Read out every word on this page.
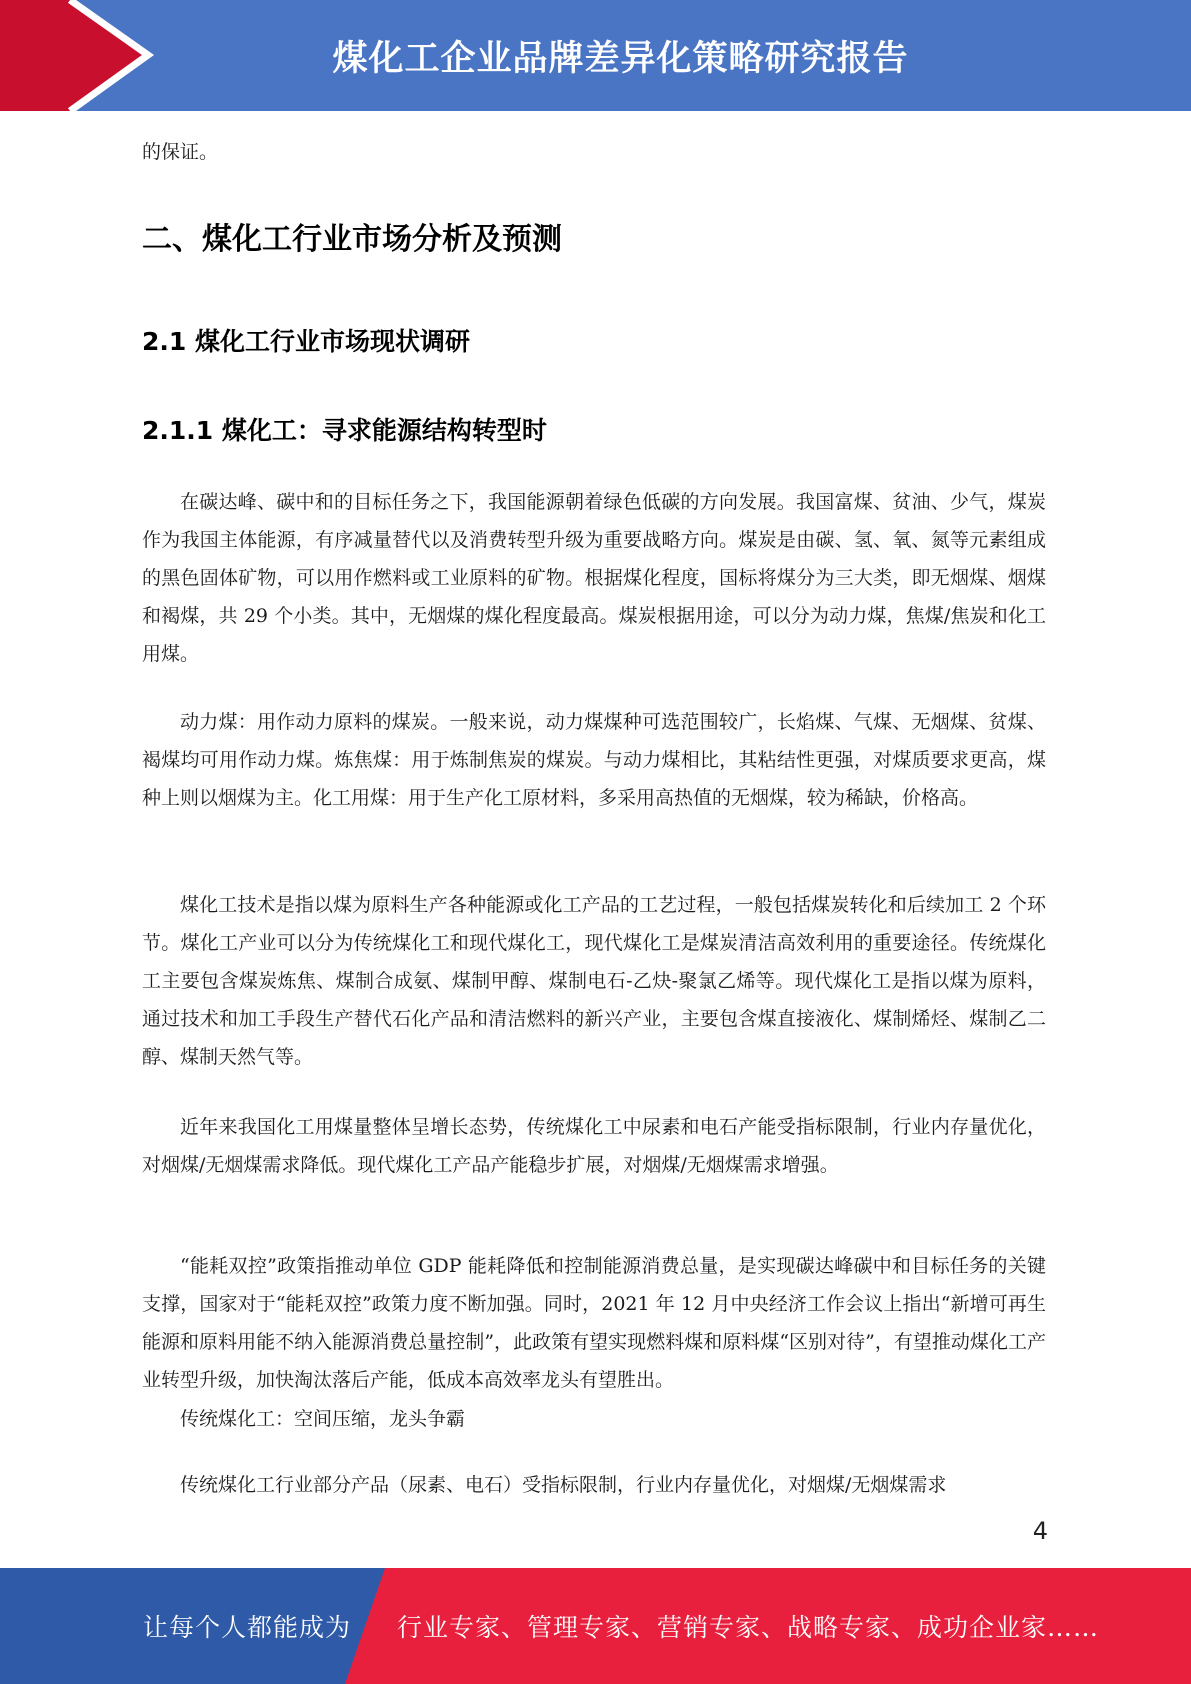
煤化工企业品牌差异化策略研究报告
的保证。
二、煤化工行业市场分析及预测
2.1 煤化工行业市场现状调研
2.1.1 煤化工：寻求能源结构转型时

在碳达峰、碳中和的目标任务之下，我国能源朝着绿色低碳的方向发展。我国富煤、贫油、少气，煤炭作为我国主体能源，有序减量替代以及消费转型升级为重要战略方向。煤炭是由碳、氢、氧、氮等元素组成的黑色固体矿物，可以用作燃料或工业原料的矿物。根据煤化程度，国标将煤分为三大类，即无烟煤、烟煤和褐煤，共 29 个小类。其中，无烟煤的煤化程度最高。煤炭根据用途，可以分为动力煤，焦煤/焦炭和化工用煤。

动力煤：用作动力原料的煤炭。一般来说，动力煤煤种可选范围较广，长焰煤、气煤、无烟煤、贫煤、褐煤均可用作动力煤。炼焦煤：用于炼制焦炭的煤炭。与动力煤相比，其粘结性更强，对煤质要求更高，煤种上则以烟煤为主。化工用煤：用于生产化工原材料，多采用高热值的无烟煤，较为稀缺，价格高。

煤化工技术是指以煤为原料生产各种能源或化工产品的工艺过程，一般包括煤炭转化和后续加工 2 个环节。煤化工产业可以分为传统煤化工和现代煤化工，现代煤化工是煤炭清洁高效利用的重要途径。传统煤化工主要包含煤炭炼焦、煤制合成氨、煤制甲醇、煤制电石-乙炔-聚氯乙烯等。现代煤化工是指以煤为原料，通过技术和加工手段生产替代石化产品和清洁燃料的新兴产业，主要包含煤直接液化、煤制烯烃、煤制乙二醇、煤制天然气等。

近年来我国化工用煤量整体呈增长态势，传统煤化工中尿素和电石产能受指标限制，行业内存量优化，对烟煤/无烟煤需求降低。现代煤化工产品产能稳步扩展，对烟煤/无烟煤需求增强。

“能耗双控”政策指推动单位 GDP 能耗降低和控制能源消费总量，是实现碳达峰碳中和目标任务的关键支撑，国家对于“能耗双控”政策力度不断加强。同时，2021 年 12 月中央经济工作会议上指出“新增可再生能源和原料用能不纳入能源消费总量控制”，此政策有望实现燃料煤和原料煤“区别对待”，有望推动煤化工产业转型升级，加快淘汰落后产能，低成本高效率龙头有望胜出。

传统煤化工：空间压缩，龙头争霸

传统煤化工行业部分产品（尿素、电石）受指标限制，行业内存量优化，对烟煤/无烟煤需求

4
让每个人都能成为 行业专家、管理专家、营销专家、战略专家、成功企业家……
